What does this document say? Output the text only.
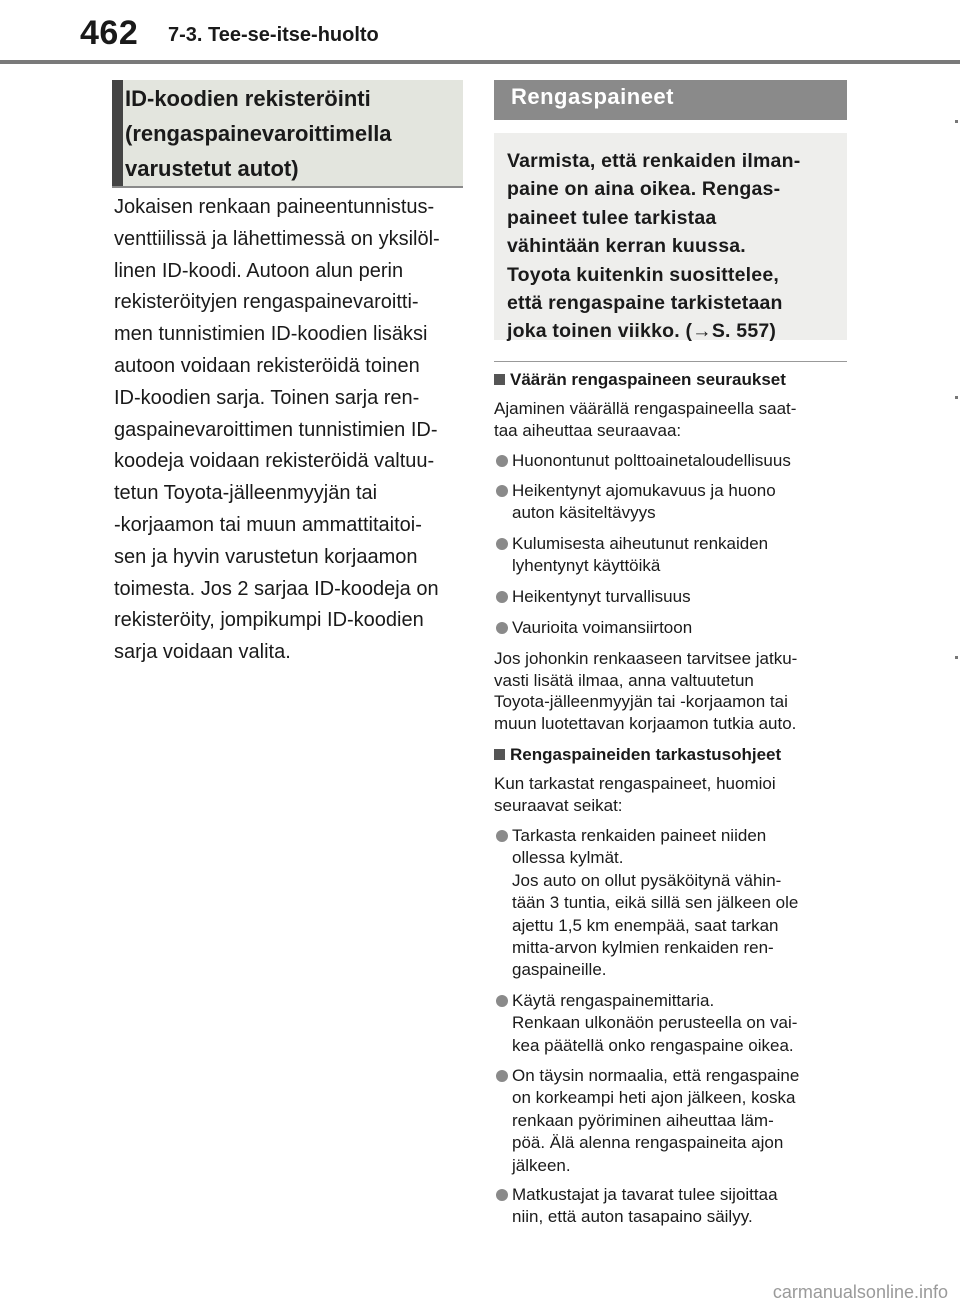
462 7-3. Tee-se-itse-huolto
ID-koodien rekisteröinti
(rengaspainevaroittimella
varustetut autot)
Jokaisen renkaan paineentunnistus-
venttiilissä ja lähettimessä on yksilöl-
linen ID-koodi. Autoon alun perin
rekisteröityjen rengaspainevaroitti-
men tunnistimien ID-koodien lisäksi
autoon voidaan rekisteröidä toinen
ID-koodien sarja. Toinen sarja ren-
gaspainevaroittimen tunnistimien ID-
koodeja voidaan rekisteröidä valtuu-
tetun Toyota-jälleenmyyjän tai
-korjaamon tai muun ammattitaitoi-
sen ja hyvin varustetun korjaamon
toimesta. Jos 2 sarjaa ID-koodeja on
rekisteröity, jompikumpi ID-koodien
sarja voidaan valita.
Rengaspaineet
Varmista, että renkaiden ilman-
paine on aina oikea. Rengas-
paineet tulee tarkistaa
vähintään kerran kuussa.
Toyota kuitenkin suosittelee,
että rengaspaine tarkistetaan
joka toinen viikko. (→S. 557)
Väärän rengaspaineen seuraukset
Ajaminen väärällä rengaspaineella saat-
taa aiheuttaa seuraavaa:
Huonontunut polttoainetaloudellisuus
Heikentynyt ajomukavuus ja huono
auton käsiteltävyys
Kulumisesta aiheutunut renkaiden
lyhentynyt käyttöikä
Heikentynyt turvallisuus
Vaurioita voimansiirtoon
Jos johonkin renkaaseen tarvitsee jatku-
vasti lisätä ilmaa, anna valtuutetun
Toyota-jälleenmyyjän tai -korjaamon tai
muun luotettavan korjaamon tutkia auto.
Rengaspaineiden tarkastusohjeet
Kun tarkastat rengaspaineet, huomioi
seuraavat seikat:
Tarkasta renkaiden paineet niiden
ollessa kylmät.
Jos auto on ollut pysäköitynä vähin-
tään 3 tuntia, eikä sillä sen jälkeen ole
ajettu 1,5 km enempää, saat tarkan
mitta-arvon kylmien renkaiden ren-
gaspaineille.
Käytä rengaspainemittaria.
Renkaan ulkonäön perusteella on vai-
kea päätellä onko rengaspaine oikea.
On täysin normaalia, että rengaspaine
on korkeampi heti ajon jälkeen, koska
renkaan pyöriminen aiheuttaa läm-
pöä. Älä alenna rengaspaineita ajon
jälkeen.
Matkustajat ja tavarat tulee sijoittaa
niin, että auton tasapaino säilyy.
carmanualsonline.info
